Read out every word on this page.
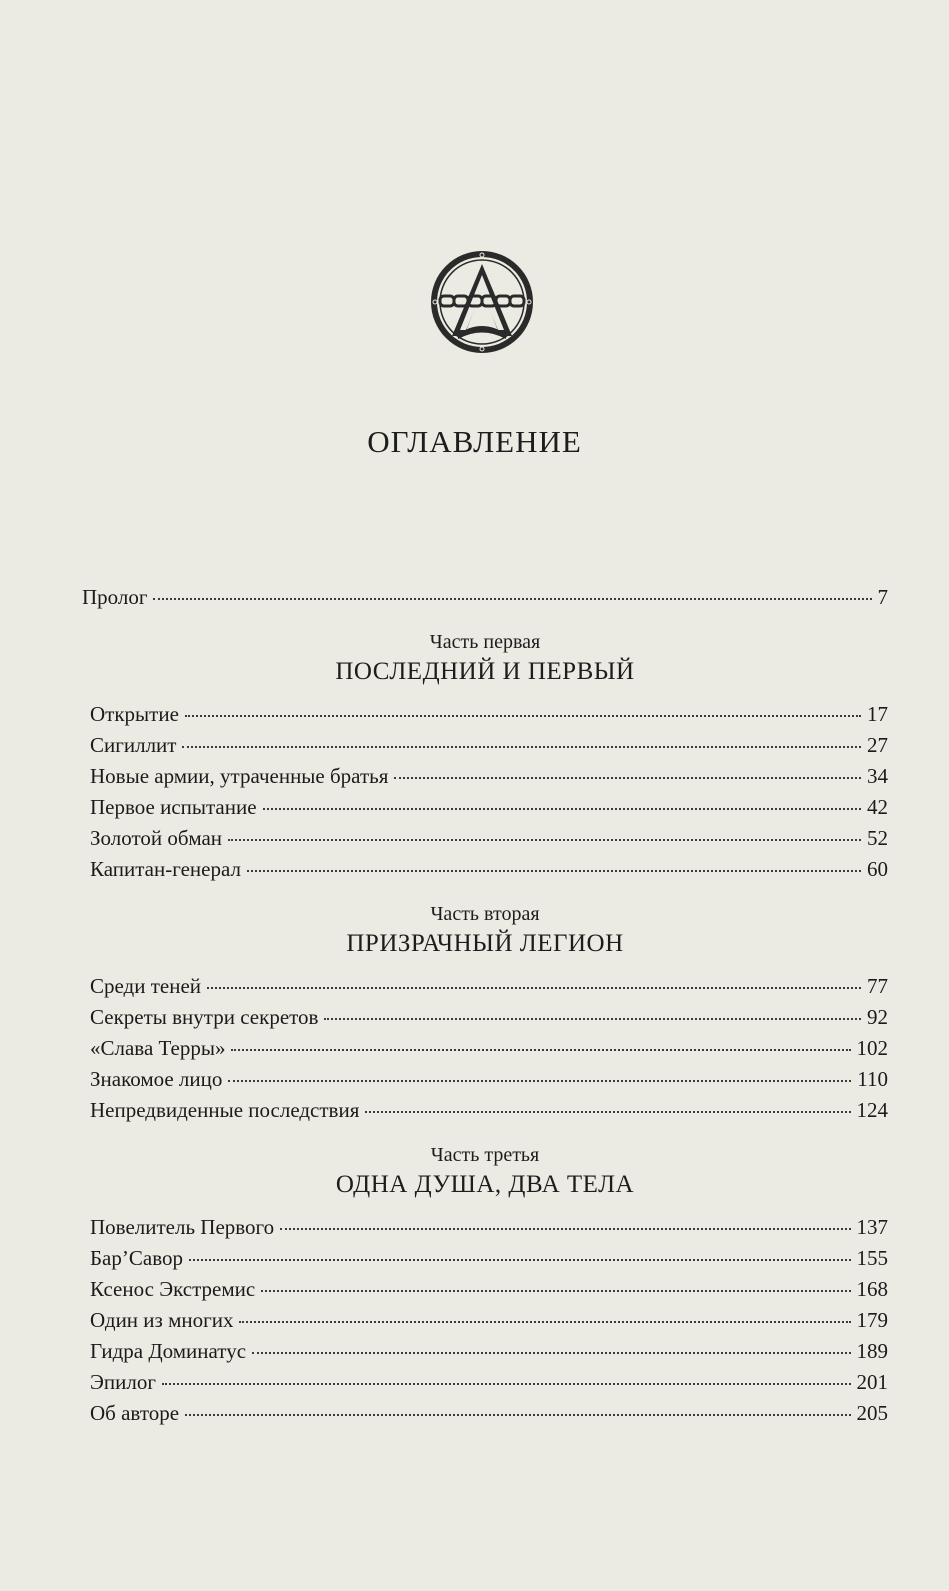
ОГЛАВЛЕНИЕ
Пролог	7
Часть первая
ПОСЛЕДНИЙ И ПЕРВЫЙ
Открытие	17
Сигиллит	27
Новые армии, утраченные братья	34
Первое испытание	42
Золотой обман	52
Капитан-генерал	60
Часть вторая
ПРИЗРАЧНЫЙ ЛЕГИОН
Среди теней	77
Секреты внутри секретов	92
«Слава Терры»	102
Знакомое лицо	110
Непредвиденные последствия	124
Часть третья
ОДНА ДУША, ДВА ТЕЛА
Повелитель Первого	137
Бар’Савор	155
Ксенос Экстремис	168
Один из многих	179
Гидра Доминатус	189
Эпилог	201
Об авторе	205
